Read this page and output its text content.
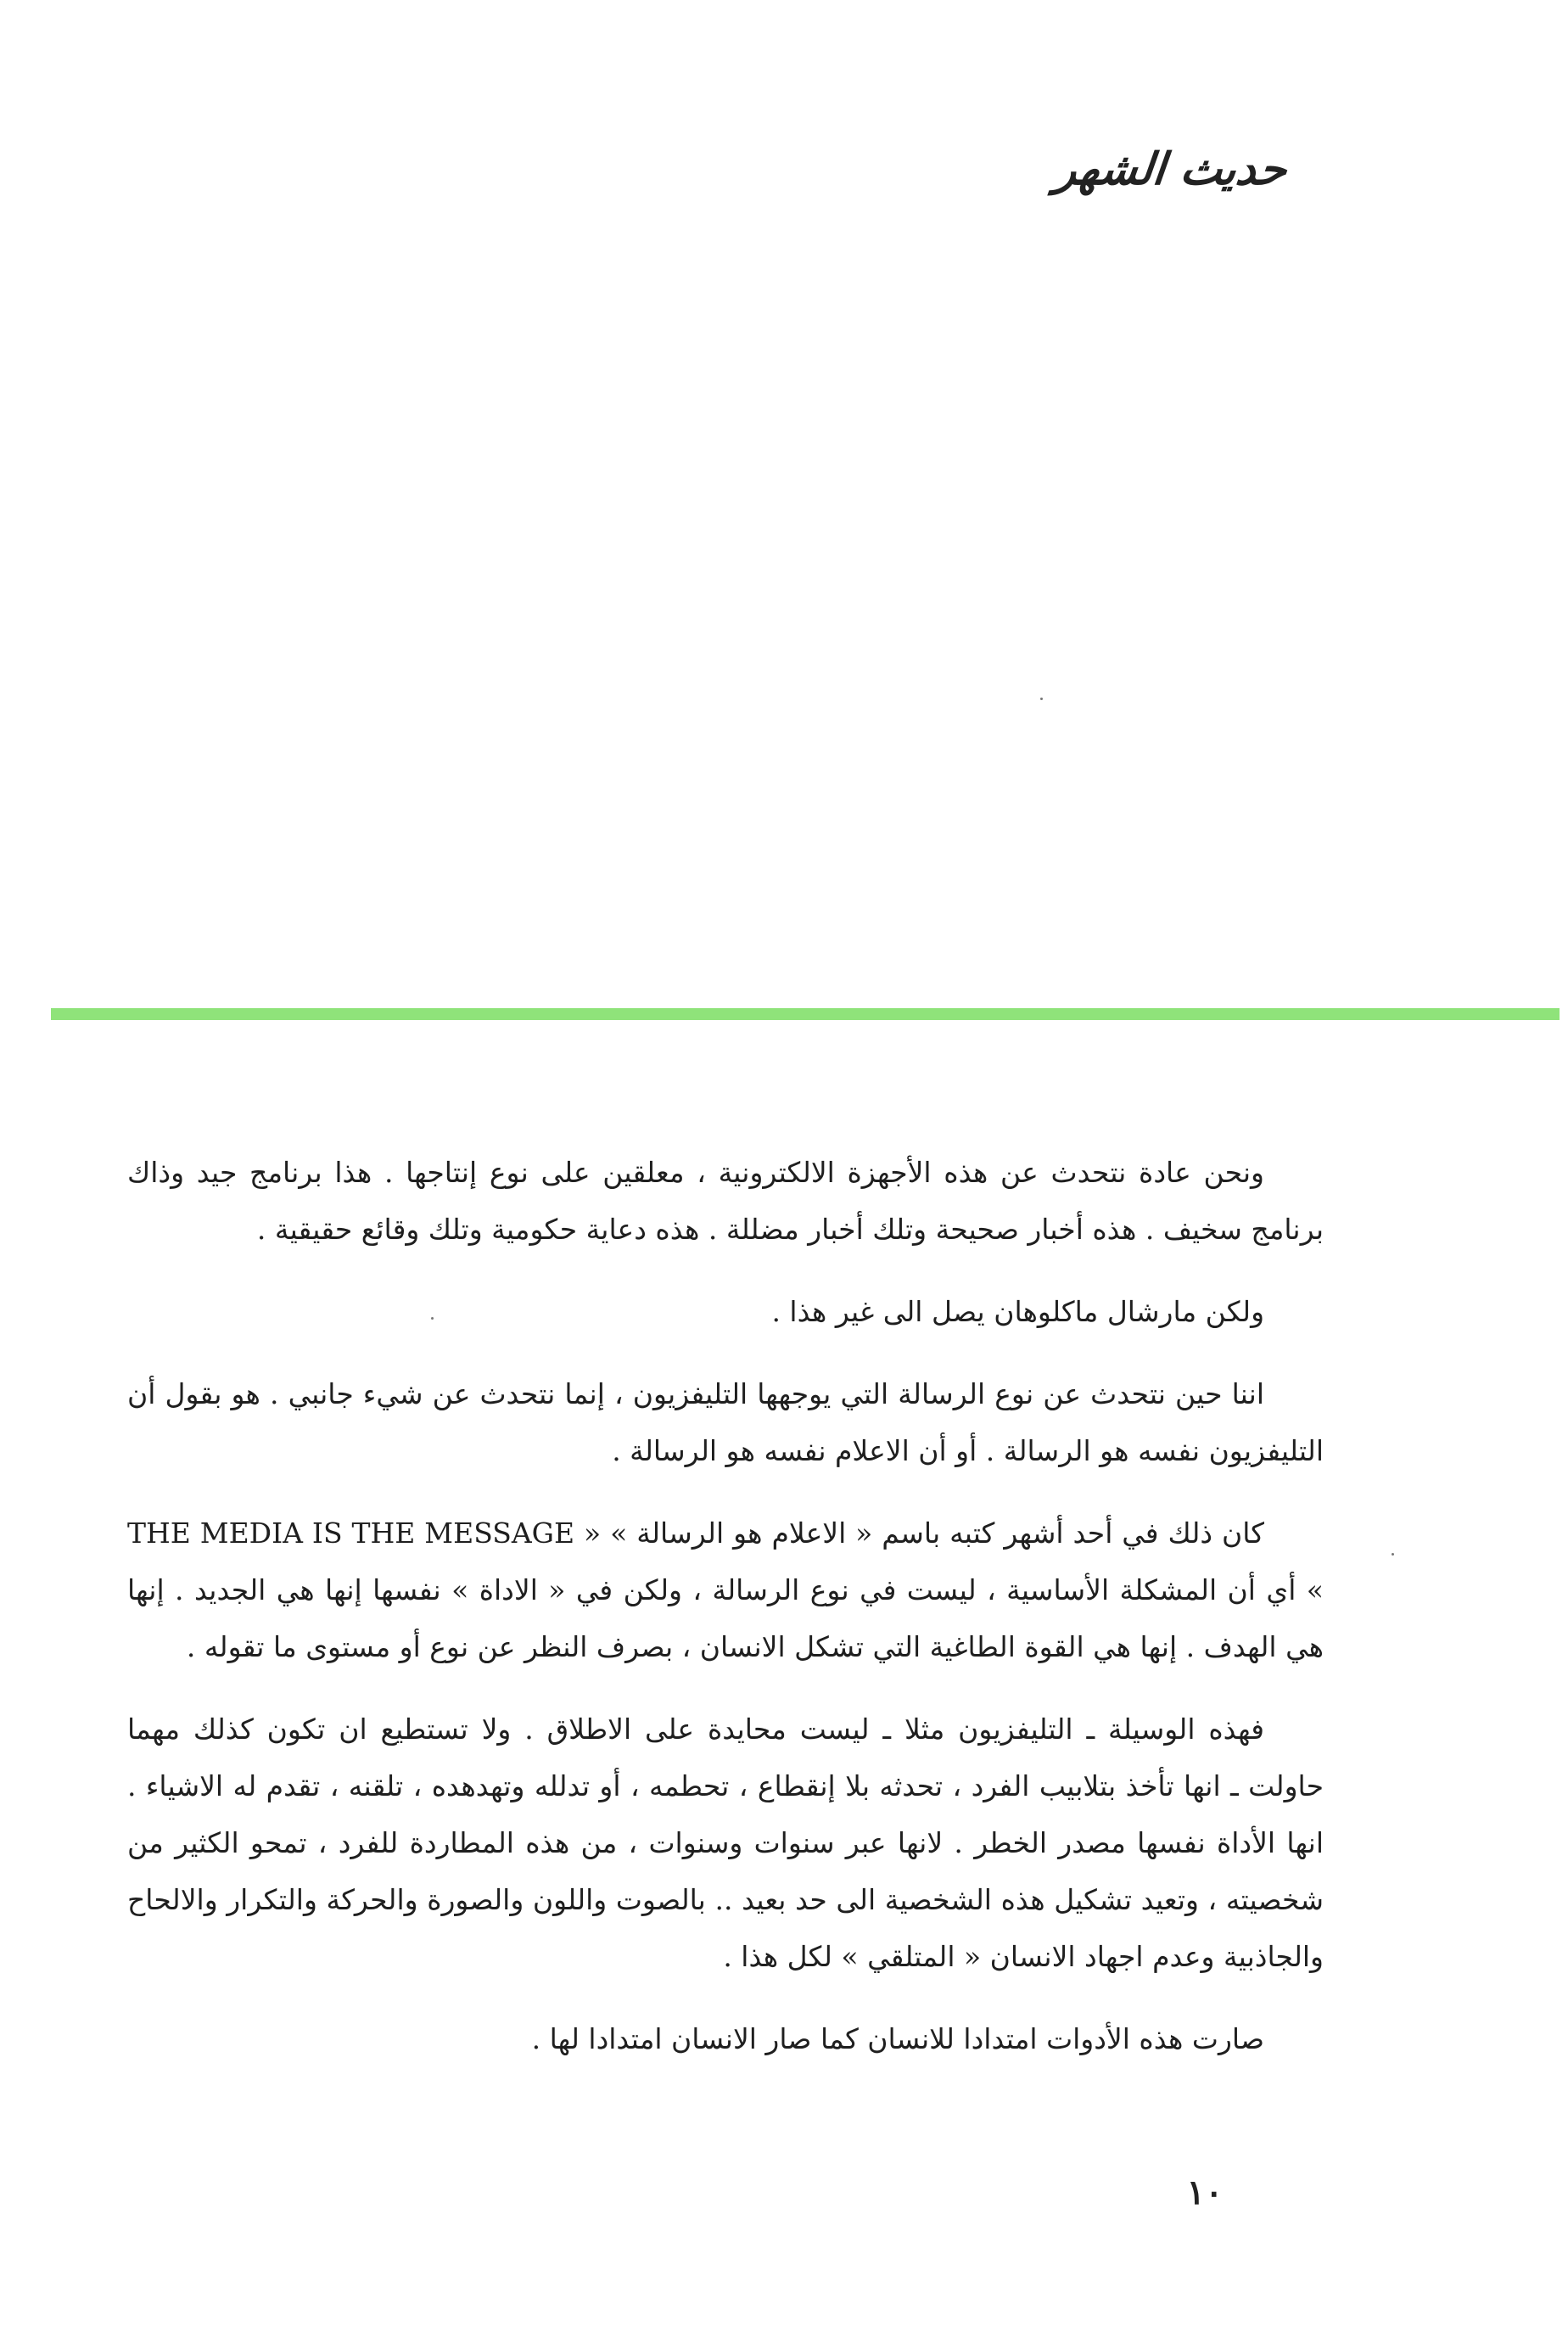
حديث الشهر

ونحن عادة نتحدث عن هذه الأجهزة الالكترونية ، معلقين على نوع إنتاجها . هذا برنامج جيد وذاك برنامج سخيف . هذه أخبار صحيحة وتلك أخبار مضللة . هذه دعاية حكومية وتلك وقائع حقيقية .

ولكن مارشال ماكلوهان يصل الى غير هذا .

اننا حين نتحدث عن نوع الرسالة التي يوجهها التليفزيون ، إنما نتحدث عن شيء جانبي . هو بقول أن التليفزيون نفسه هو الرسالة . أو أن الاعلام نفسه هو الرسالة .

كان ذلك في أحد أشهر كتبه باسم « الاعلام هو الرسالة » « THE MEDIA IS THE MESSAGE » أي أن المشكلة الأساسية ، ليست في نوع الرسالة ، ولكن في « الاداة » نفسها إنها هي الجديد . إنها هي الهدف . إنها هي القوة الطاغية التي تشكل الانسان ، بصرف النظر عن نوع أو مستوى ما تقوله .

فهذه الوسيلة ـ التليفزيون مثلا ـ ليست محايدة على الاطلاق . ولا تستطيع ان تكون كذلك مهما حاولت ـ انها تأخذ بتلابيب الفرد ، تحدثه بلا إنقطاع ، تحطمه ، أو تدلله وتهدهده ، تلقنه ، تقدم له الاشياء . انها الأداة نفسها مصدر الخطر . لانها عبر سنوات وسنوات ، من هذه المطاردة للفرد ، تمحو الكثير من شخصيته ، وتعيد تشكيل هذه الشخصية الى حد بعيد .. بالصوت واللون والصورة والحركة والتكرار والالحاح والجاذبية وعدم اجهاد الانسان « المتلقي » لكل هذا .

صارت هذه الأدوات امتدادا للانسان كما صار الانسان امتدادا لها .

١٠
